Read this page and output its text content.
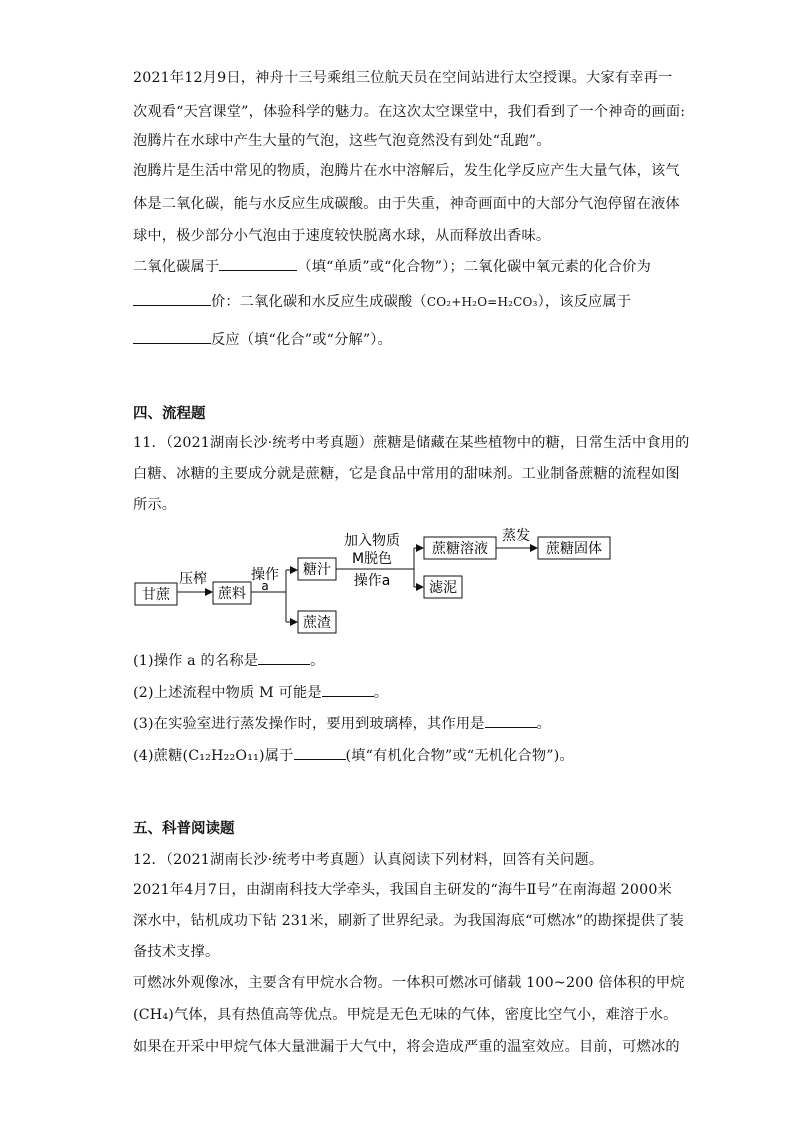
2021年12月9日，神舟十三号乘组三位航天员在空间站进行太空授课。大家有幸再一
次观看“天宫课堂”，体验科学的魅力。在这次太空课堂中，我们看到了一个神奇的画面:
泡腾片在水球中产生大量的气泡，这些气泡竟然没有到处“乱跑”。
泡腾片是生活中常见的物质，泡腾片在水中溶解后，发生化学反应产生大量气体，该气
体是二氧化碳，能与水反应生成碳酸。由于失重，神奇画面中的大部分气泡停留在液体
球中，极少部分小气泡由于速度较快脱离水球，从而释放出香味。
二氧化碳属于	（填“单质”或“化合物”）；二氧化碳中氧元素的化合价为
价：二氧化碳和水反应生成碳酸（CO₂+H₂O=H₂CO₃），该反应属于
反应（填“化合”或“分解”）。
四、流程题
11．（2021湖南长沙·统考中考真题）蔗糖是储藏在某些植物中的糖，日常生活中食用的
白糖、冰糖的主要成分就是蔗糖，它是食品中常用的甜味剂。工业制备蔗糖的流程如图
所示。
甘蔗	蔗料
糖汁
蔗渣
蔗糖溶液
滤泥
蔗糖固体
压榨	操作
a
加入物质
M脱色
操作a
蒸发
(1)操作 a 的名称是	。
(2)上述流程中物质 M 可能是	。
(3)在实验室进行蒸发操作时，要用到玻璃棒，其作用是	。
(4)蔗糖(C₁₂H₂₂O₁₁)属于	(填“有机化合物”或“无机化合物”)。
五、科普阅读题
12．（2021湖南长沙·统考中考真题）认真阅读下列材料，回答有关问题。
2021年4月7日，由湖南科技大学牵头，我国自主研发的“海牛Ⅱ号”在南海超 2000米
深水中，钻机成功下钻 231米，刷新了世界纪录。为我国海底“可燃冰”的勘探提供了装
备技术支撑。
可燃冰外观像冰，主要含有甲烷水合物。一体积可燃冰可储载 100~200 倍体积的甲烷
(CH₄)气体，具有热值高等优点。甲烷是无色无味的气体，密度比空气小，难溶于水。
如果在开采中甲烷气体大量泄漏于大气中，将会造成严重的温室效应。目前，可燃冰的
